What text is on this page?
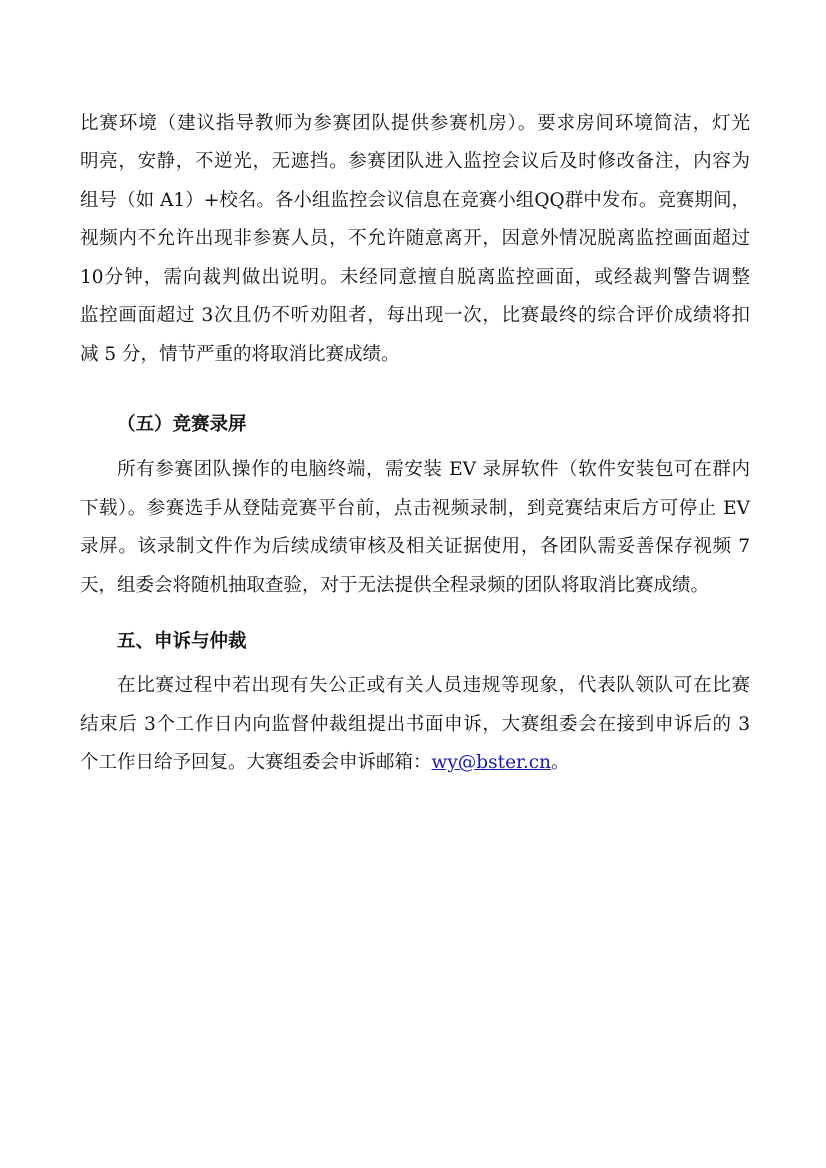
比赛环境（建议指导教师为参赛团队提供参赛机房）。要求房间环境简洁，灯光
明亮，安静，不逆光，无遮挡。参赛团队进入监控会议后及时修改备注，内容为
组号（如 A1）+校名。各小组监控会议信息在竞赛小组QQ群中发布。竞赛期间，
视频内不允许出现非参赛人员，不允许随意离开，因意外情况脱离监控画面超过
10分钟，需向裁判做出说明。未经同意擅自脱离监控画面，或经裁判警告调整
监控画面超过 3次且仍不听劝阻者，每出现一次，比赛最终的综合评价成绩将扣
减 5 分，情节严重的将取消比赛成绩。
（五）竞赛录屏
所有参赛团队操作的电脑终端，需安装 EV 录屏软件（软件安装包可在群内
下载）。参赛选手从登陆竞赛平台前，点击视频录制，到竞赛结束后方可停止 EV
录屏。该录制文件作为后续成绩审核及相关证据使用，各团队需妥善保存视频 7
天，组委会将随机抽取查验，对于无法提供全程录频的团队将取消比赛成绩。
五、申诉与仲裁
在比赛过程中若出现有失公正或有关人员违规等现象，代表队领队可在比赛
结束后 3个工作日内向监督仲裁组提出书面申诉，大赛组委会在接到申诉后的 3
个工作日给予回复。大赛组委会申诉邮箱：wy@bster.cn。
